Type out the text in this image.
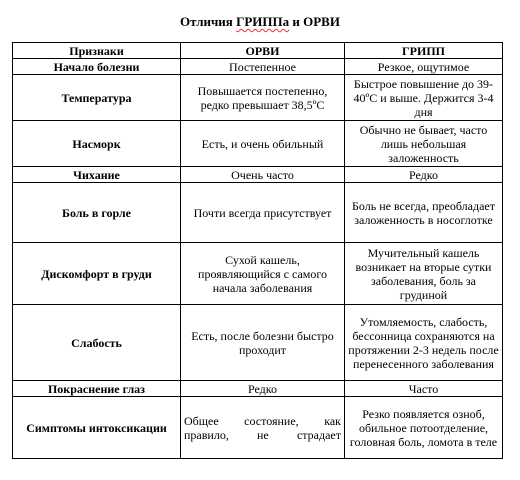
Отличия ГРИППа и ОРВИ
Признаки	ОРВИ	ГРИПП
Начало болезни	Постепенное	Резкое, ощутимое
Температура	Повышается постепенно, редко превышает 38,5ºС	Быстрое повышение до 39-40ºС и выше. Держится 3-4 дня
Насморк	Есть, и очень обильный	Обычно не бывает, часто лишь небольшая заложенность
Чихание	Очень часто	Редко
Боль в горле	Почти всегда присутствует	Боль не всегда, преобладает заложенность в носоглотке
Дискомфорт в груди	Сухой кашель, проявляющийся с самого начала заболевания	Мучительный кашель возникает на вторые сутки заболевания, боль за грудиной
Слабость	Есть, после болезни быстро проходит	Утомляемость, слабость, бессонница сохраняются на протяжении 2-3 недель после перенесенного заболевания
Покраснение глаз	Редко	Часто
Симптомы интоксикации	Общее состояние, как правило, не страдает	Резко появляется озноб, обильное потоотделение, головная боль, ломота в теле
